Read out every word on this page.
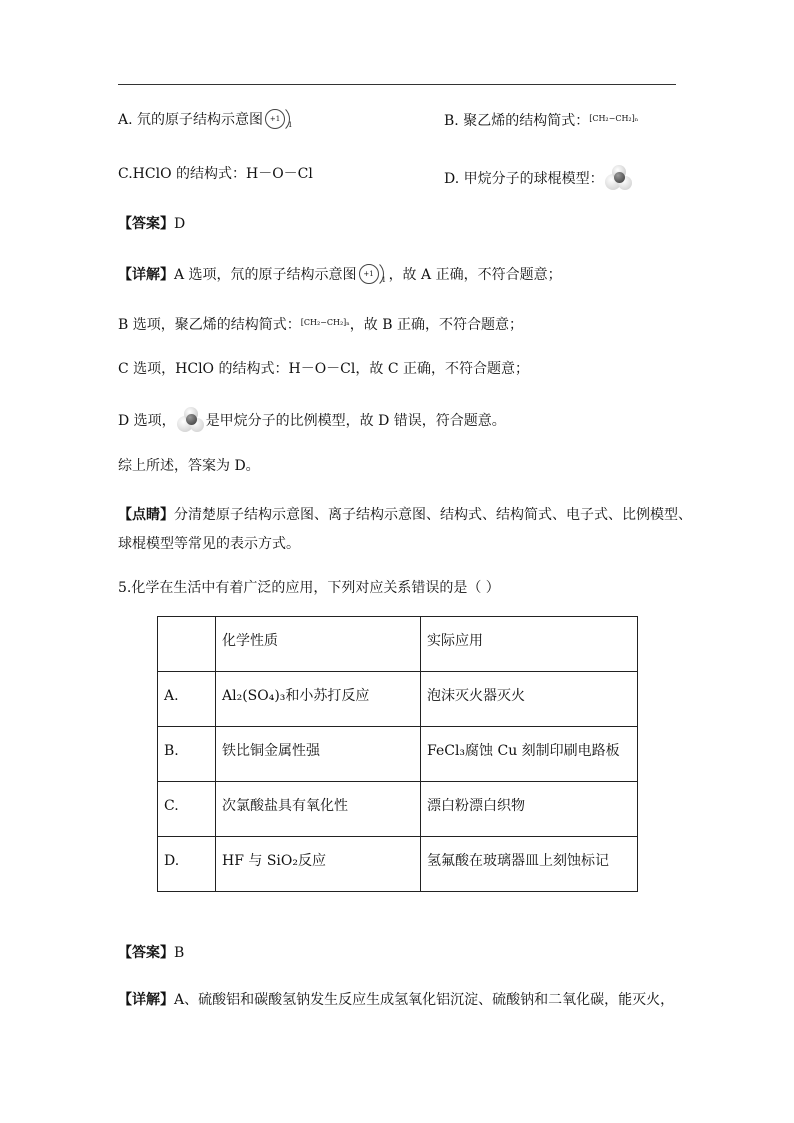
A. 氘的原子结构示意图 +1
1	B. 聚乙烯的结构简式：$^{[CH_2-CH_2]_n}$
C.HClO 的结构式：H－O－Cl	D. 甲烷分子的球棍模型：
【答案】D
【详解】A 选项，氘的原子结构示意图 +1
1 ，故 A 正确，不符合题意；
B 选项，聚乙烯的结构简式：$^{[CH_2-CH_2]_n}$，故 B 正确，不符合题意；
C 选项，HClO 的结构式：H－O－Cl，故 C 正确，不符合题意；
D 选项， 是甲烷分子的比例模型，故 D 错误，符合题意。
综上所述，答案为 D。
【点睛】分清楚原子结构示意图、离子结构示意图、结构式、结构简式、电子式、比例模型、
球棍模型等常见的表示方式。
5.化学在生活中有着广泛的应用，下列对应关系错误的是（ ）

	化学性质	实际应用

A.	Al₂(SO₄)₃和小苏打反应	泡沫灭火器灭火

B.	铁比铜金属性强	FeCl₃腐蚀 Cu 刻制印刷电路板

C.	次氯酸盐具有氧化性	漂白粉漂白织物

D.	HF 与 SiO₂反应	氢氟酸在玻璃器皿上刻蚀标记
【答案】B
【详解】A、硫酸铝和碳酸氢钠发生反应生成氢氧化铝沉淀、硫酸钠和二氧化碳，能灭火，
